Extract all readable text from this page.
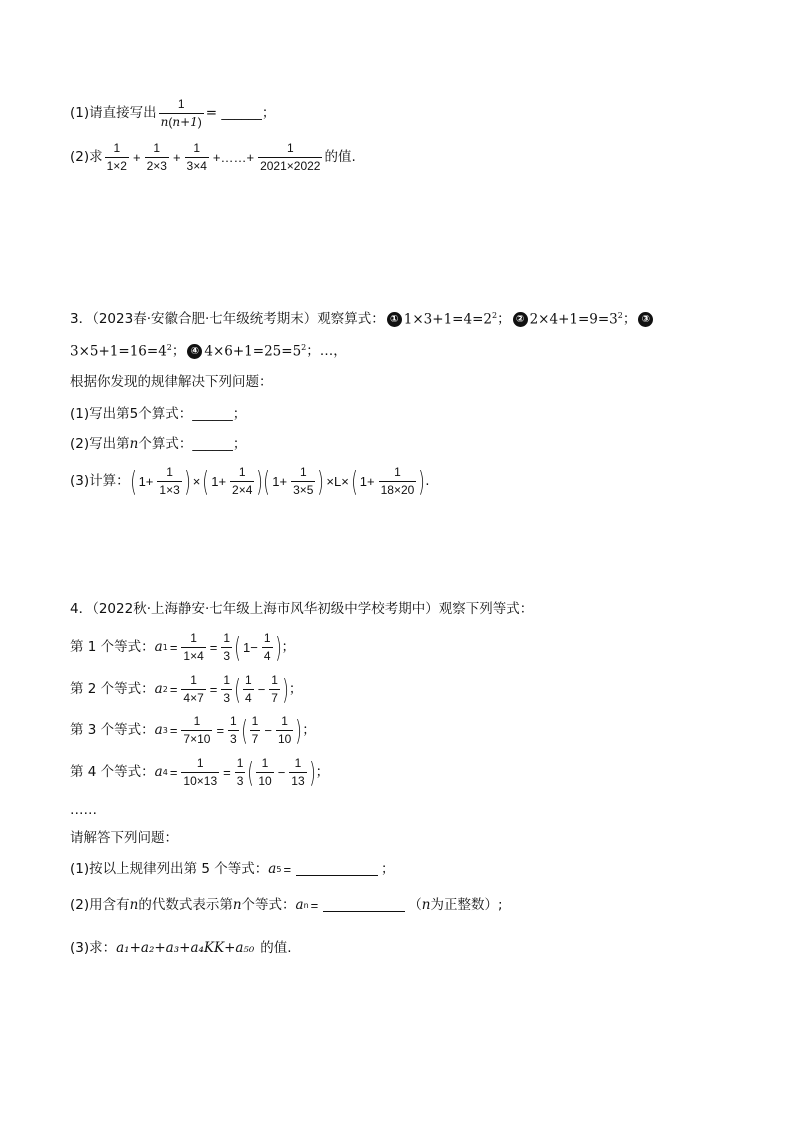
(1)请直接写出 $\frac{1}{n(n+1)}$ = ______；
(2)求 $\frac{1}{1\times 2} + \frac{1}{2\times 3} + \frac{1}{3\times 4}$ +……+ $\frac{1}{2021\times 2022}$ 的值.
3．（2023春·安徽合肥·七年级统考期末）观察算式： ① $1\times 3+1=4=2^2$ ； ② $2\times 4+1=9=3^2$ ； ③
$3\times 5+1=16=4^2$ ； ④ $4\times 6+1=25=5^2$ ；…，
根据你发现的规律解决下列问题：
(1)写出第5个算式：______；
(2)写出第 n 个算式：______；
(3)计算： ( $1+ \frac{1}{1\times 3}$ ) × ( $1+ \frac{1}{2\times 4}$ ) ( $1+ \frac{1}{3\times 5}$ ) ×L× ( $1+ \frac{1}{18\times 20}$ ) .
4．（2022秋·上海静安·七年级上海市风华初级中学校考期中）观察下列等式：
第 1 个等式： a $1 = \frac{1}{1\times 4} = \frac{1}{3}$ ( $1- \frac{1}{4}$ ) ；
第 2 个等式： a $2 = \frac{1}{4\times 7} = \frac{1}{3}$ ( $\frac{1}{4} - \frac{1}{7}$ ) ；
第 3 个等式： a $3 = \frac{1}{7\times 10} = \frac{1}{3}$ ( $\frac{1}{7} - \frac{1}{10}$ ) ；
第 4 个等式： a $4 = \frac{1}{10\times 13} = \frac{1}{3}$ ( $\frac{1}{10} - \frac{1}{13}$ ) ；
……
请解答下列问题：
(1)按以上规律列出第 5 个等式： a 5 =	；
(2)用含有 n 的代数式表示第 n 个等式： a n =	（ n 为正整数）;
(3)求： a₁+a₂+a₃+a₄KK+a₅₀ 的值.
